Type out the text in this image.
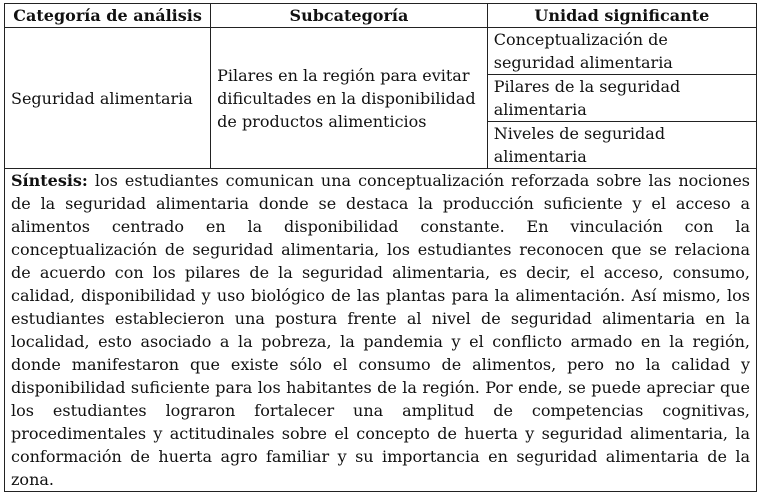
Categoría de análisis	Subcategoría	Unidad significante
Seguridad alimentaria	Pilares en la región para evitar dificultades en la disponibilidad de productos alimenticios	Conceptualización de seguridad alimentaria
		Pilares de la seguridad alimentaria
		Niveles de seguridad alimentaria
Síntesis: los estudiantes comunican una conceptualización reforzada sobre las nociones de la seguridad alimentaria donde se destaca la producción suficiente y el acceso a alimentos centrado en la disponibilidad constante. En vinculación con la conceptualización de seguridad alimentaria, los estudiantes reconocen que se relaciona de acuerdo con los pilares de la seguridad alimentaria, es decir, el acceso, consumo, calidad, disponibilidad y uso biológico de las plantas para la alimentación. Así mismo, los estudiantes establecieron una postura frente al nivel de seguridad alimentaria en la localidad, esto asociado a la pobreza, la pandemia y el conflicto armado en la región, donde manifestaron que existe sólo el consumo de alimentos, pero no la calidad y disponibilidad suficiente para los habitantes de la región. Por ende, se puede apreciar que los estudiantes lograron fortalecer una amplitud de competencias cognitivas, procedimentales y actitudinales sobre el concepto de huerta y seguridad alimentaria, la conformación de huerta agro familiar y su importancia en seguridad alimentaria de la zona.		
